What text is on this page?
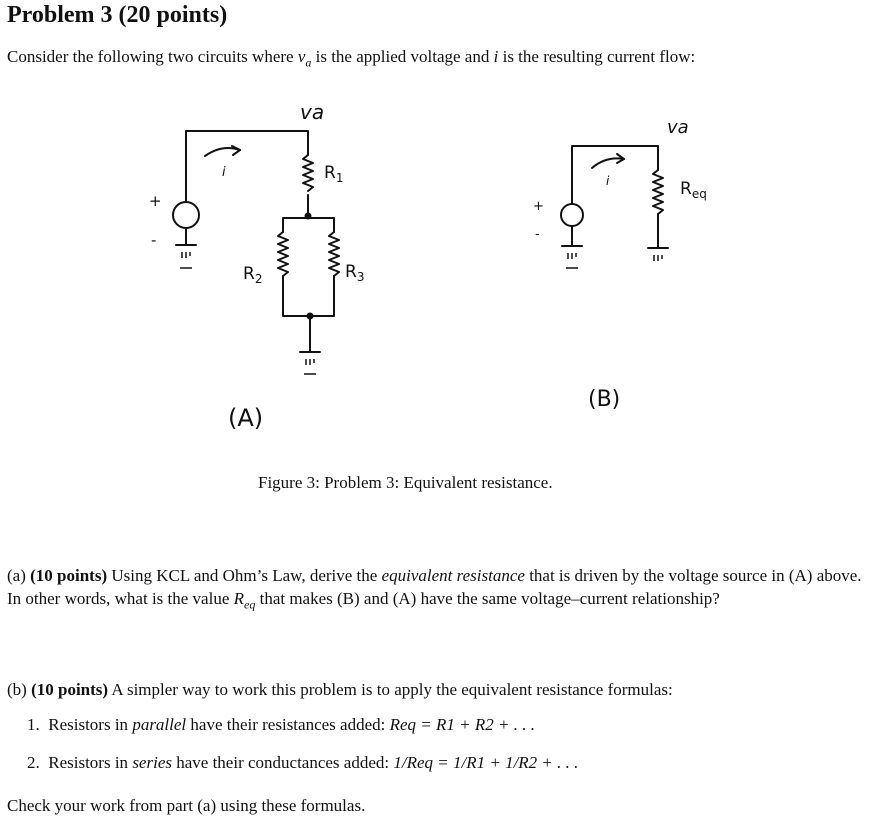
Problem 3 (20 points)
Consider the following two circuits where $v_a$ is the applied voltage and i is the resulting current flow:
va
i	$R_1$
$R_2$	$R_3$
+
-
(A)
va
i	$R_{eq}$
+
-
(B)
Figure 3: Problem 3: Equivalent resistance.
(a) (10 points) Using KCL and Ohm’s Law, derive the equivalent resistance that is driven by the voltage source in (A) above. In other words, what is the value $R_{eq}$ that makes (B) and (A) have the same voltage–current relationship?
(b) (10 points) A simpler way to work this problem is to apply the equivalent resistance formulas:
1. Resistors in parallel have their resistances added: Req = R1 + R2 + . . .
2. Resistors in series have their conductances added: 1/Req = 1/R1 + 1/R2 + . . .
Check your work from part (a) using these formulas.
